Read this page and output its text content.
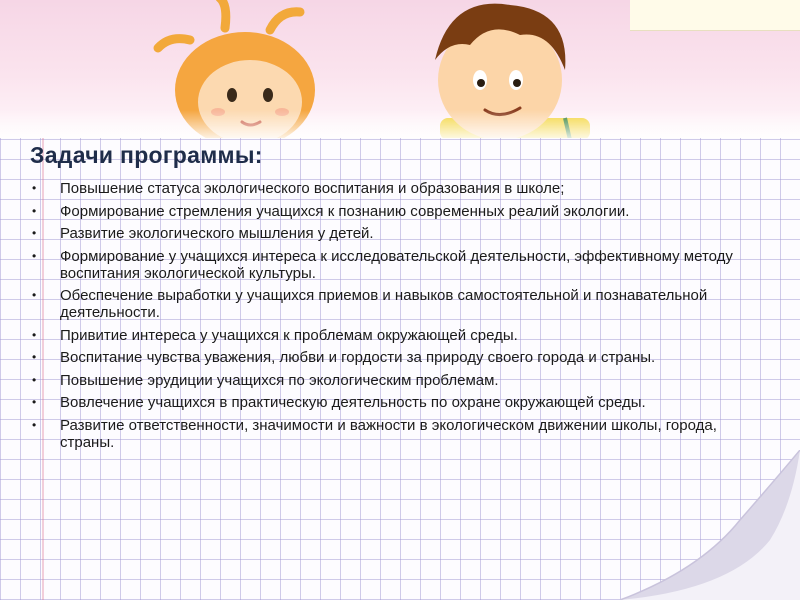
Задачи программы:
• Повышение статуса экологического воспитания и образования в школе;
• Формирование стремления учащихся к познанию современных реалий экологии.
• Развитие экологического мышления у детей.
• Формирование у учащихся интереса к исследовательской деятельности, эффективному методу воспитания экологической культуры.
• Обеспечение выработки у учащихся приемов и навыков самостоятельной и познавательной деятельности.
• Привитие интереса у учащихся к проблемам окружающей среды.
• Воспитание чувства уважения, любви и гордости за природу своего города и страны.
• Повышение эрудиции учащихся по экологическим проблемам.
• Вовлечение учащихся в практическую деятельность по охране окружающей среды.
• Развитие ответственности, значимости и важности в экологическом движении школы, города, страны.
